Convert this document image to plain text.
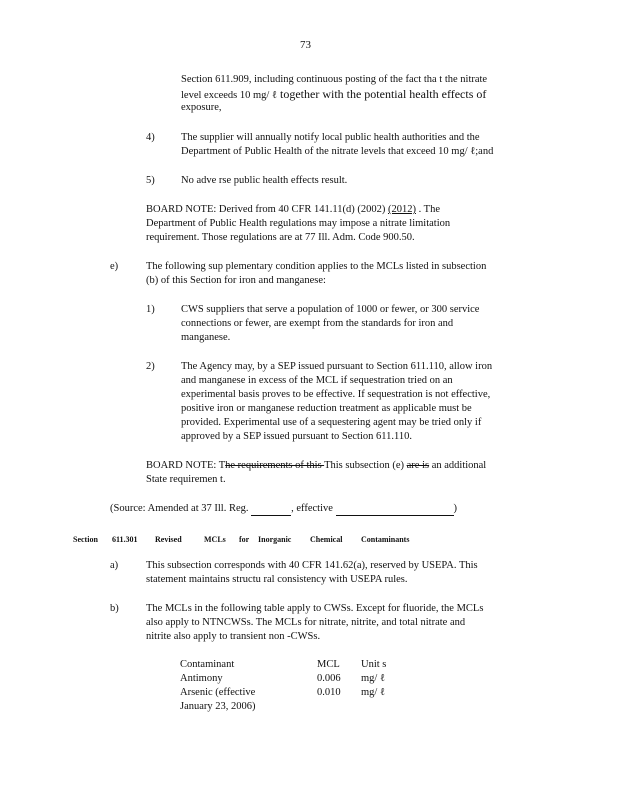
73
Section 611.909, including continuous posting of the fact tha t the nitrate
level exceeds 10 mg/ ℓ together with the potential health effects of
exposure,
4)	The supplier will annually notify local public health authorities and the
Department of Public Health of the nitrate levels that exceed 10 mg/ ℓ;and
5)	No adve rse public health effects result.
BOARD NOTE: Derived from 40 CFR 141.11(d) (2002) (2012) . The
Department of Public Health regulations may impose a nitrate limitation
requirement. Those regulations are at 77 Ill. Adm. Code 900.50.
e)	The following sup plementary condition applies to the MCLs listed in subsection
(b) of this Section for iron and manganese:
1)	CWS suppliers that serve a population of 1000 or fewer, or 300 service
connections or fewer, are exempt from the standards for iron and
manganese.
2)	The Agency may, by a SEP issued pursuant to Section 611.110, allow iron
and manganese in excess of the MCL if sequestration tried on an
experimental basis proves to be effective. If sequestration is not effective,
positive iron or manganese reduction treatment as applicable must be
provided. Experimental use of a sequestering agent may be tried only if
approved by a SEP issued pursuant to Section 611.110.
BOARD NOTE: The requirements of this This subsection (e) are is an additional
State requiremen t.
(Source: Amended at 37 Ill. Reg.	, effective	)
Section 611.301 Revised	MCLs for Inorganic Chemical Contaminants
a)	This subsection corresponds with 40 CFR 141.62(a), reserved by USEPA. This
statement maintains structu ral consistency with USEPA rules.
b)	The MCLs in the following table apply to CWSs. Except for fluoride, the MCLs
also apply to NTNCWSs. The MCLs for nitrate, nitrite, and total nitrate and
nitrite also apply to transient non -CWSs.
Contaminant	MCL	Unit s
Antimony	0.006	mg/ ℓ
Arsenic (effective	0.010	mg/ ℓ
January 23, 2006)		
